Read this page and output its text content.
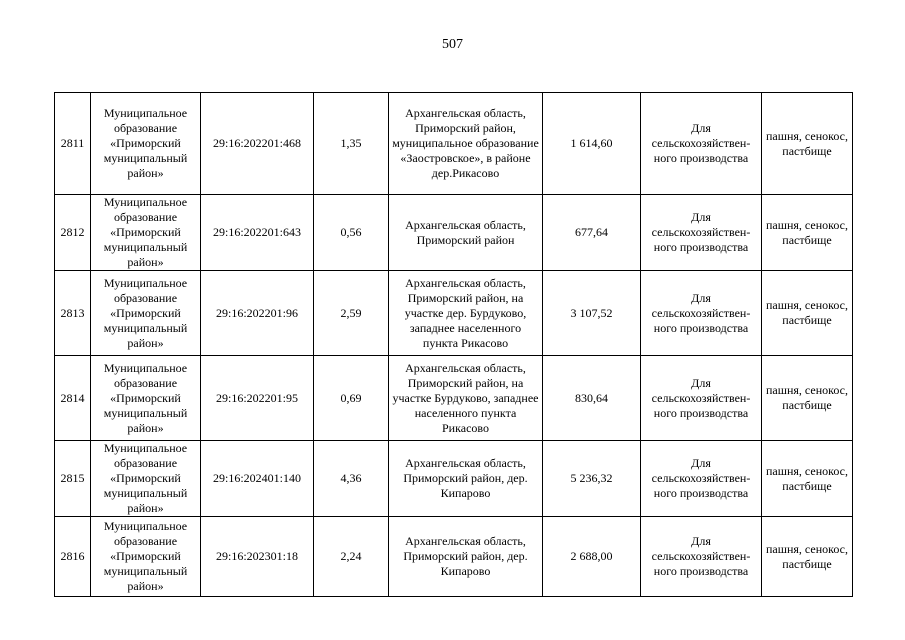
507
2811	Муниципальное образование «Приморский муниципальный район»	29:16:202201:468	1,35	Архангельская область, Приморский район, муниципальное образование «Заостровское», в районе дер.Рикасово	1 614,60	Для сельскохозяйствен-ного производства	пашня, сенокос, пастбище
2812	Муниципальное образование «Приморский муниципальный район»	29:16:202201:643	0,56	Архангельская область, Приморский район	677,64	Для сельскохозяйствен-ного производства	пашня, сенокос, пастбище
2813	Муниципальное образование «Приморский муниципальный район»	29:16:202201:96	2,59	Архангельская область, Приморский район, на участке дер. Бурдуково, западнее населенного пункта Рикасово	3 107,52	Для сельскохозяйствен-ного производства	пашня, сенокос, пастбище
2814	Муниципальное образование «Приморский муниципальный район»	29:16:202201:95	0,69	Архангельская область, Приморский район, на участке Бурдуково, западнее населенного пункта Рикасово	830,64	Для сельскохозяйствен-ного производства	пашня, сенокос, пастбище
2815	Муниципальное образование «Приморский муниципальный район»	29:16:202401:140	4,36	Архангельская область, Приморский район, дер. Кипарово	5 236,32	Для сельскохозяйствен-ного производства	пашня, сенокос, пастбище
2816	Муниципальное образование «Приморский муниципальный район»	29:16:202301:18	2,24	Архангельская область, Приморский район, дер. Кипарово	2 688,00	Для сельскохозяйствен-ного производства	пашня, сенокос, пастбище
